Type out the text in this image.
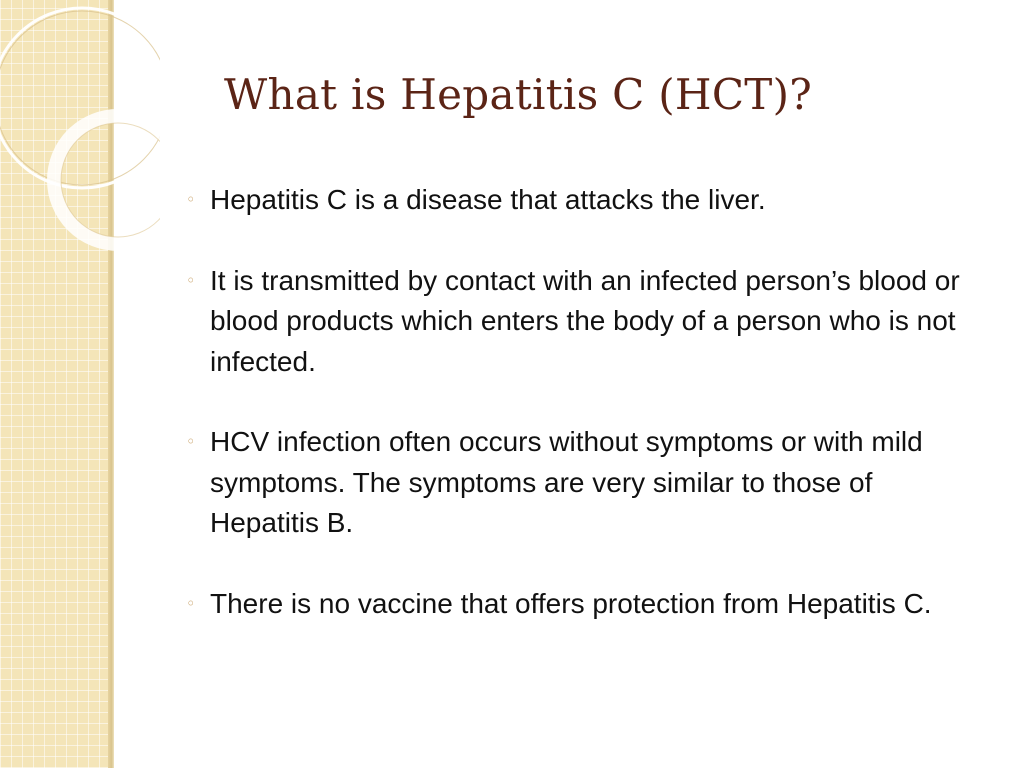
What is Hepatitis C (HCT)?
◦ Hepatitis C is a disease that attacks the liver.
◦ It is transmitted by contact with an infected person’s blood or blood products which enters the body of a person who is not infected.
◦ HCV infection often occurs without symptoms or with mild symptoms. The symptoms are very similar to those of Hepatitis B.
◦ There is no vaccine that offers protection from Hepatitis C.
